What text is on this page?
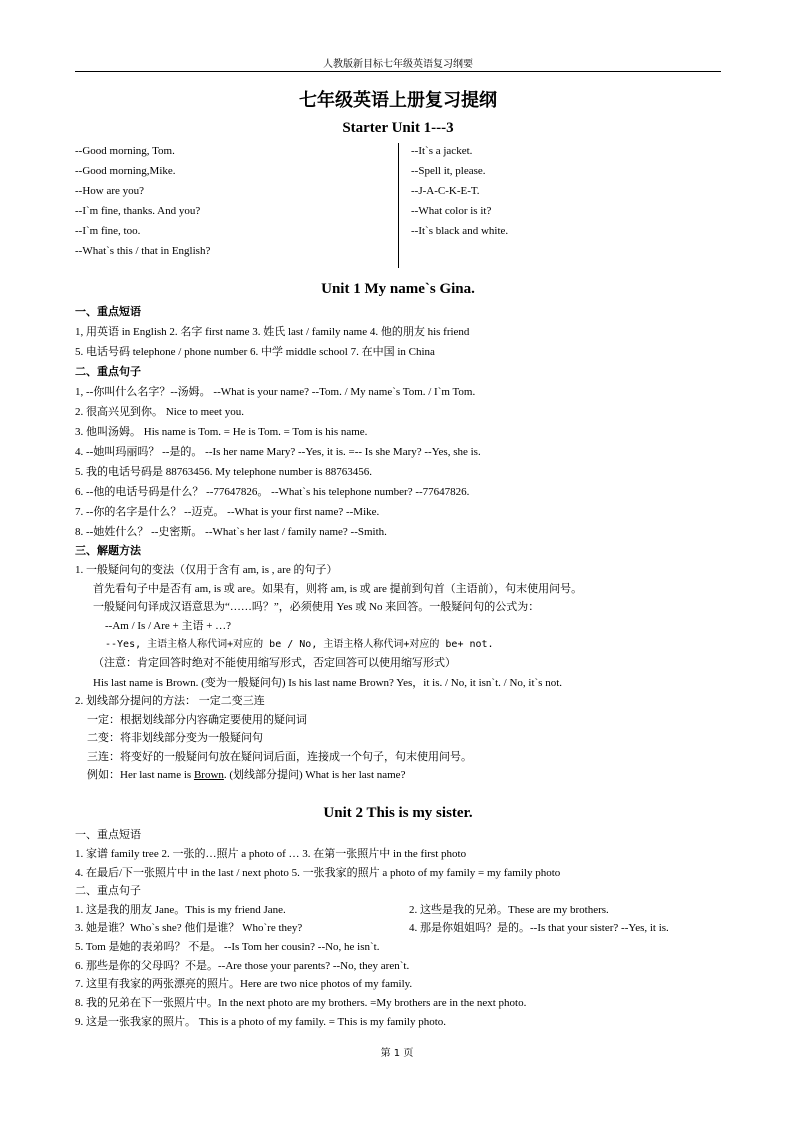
人教版新目标七年级英语复习纲要
七年级英语上册复习提纲
Starter Unit 1---3
--Good morning, Tom.
--Good morning,Mike.
--How are you?
--I`m fine, thanks. And you?
--I`m fine, too.
--What`s this / that in English?
--It`s a jacket.
--Spell it, please.
--J-A-C-K-E-T.
--What color is it?
--It`s black and white.
Unit 1 My name`s Gina.
一、重点短语
1, 用英语 in English 2. 名字 first name 3. 姓氏 last / family name 4. 他的朋友 his friend
5. 电话号码 telephone / phone number 6. 中学 middle school 7. 在中国 in China
二、重点句子
1, --你叫什么名字？--汤姆。 --What is your name? --Tom. / My name`s Tom. / I`m Tom.
2. 很高兴见到你。 Nice to meet you.
3. 他叫汤姆。 His name is Tom. = He is Tom. = Tom is his name.
4. --她叫玛丽吗？ --是的。 --Is her name Mary? --Yes, it is. =-- Is she Mary? --Yes, she is.
5. 我的电话号码是 88763456. My telephone number is 88763456.
6. --他的电话号码是什么？ --77647826。 --What`s his telephone number? --77647826.
7. --你的名字是什么？ --迈克。 --What is your first name? --Mike.
8. --她姓什么？ --史密斯。 --What`s her last / family name? --Smith.
三、解题方法
1. 一般疑问句的变法（仅用于含有 am, is , are 的句子）
首先看句子中是否有 am, is 或 are。如果有，则将 am, is 或 are 提前到句首（主语前），句末使用问号。
一般疑问句译成汉语意思为“……吗？”，必须使用 Yes 或 No 来回答。一般疑问句的公式为：
--Am / Is / Are + 主语 + …?
--Yes, 主语主格人称代词+对应的 be / No, 主语主格人称代词+对应的 be+ not.
（注意：肯定回答时绝对不能使用缩写形式，否定回答可以使用缩写形式）
His last name is Brown. (变为一般疑问句) Is his last name Brown? Yes，it is. / No, it isn`t. / No, it`s not.
2. 划线部分提问的方法： 一定二变三连
一定：根据划线部分内容确定要使用的疑问词
二变：将非划线部分变为一般疑问句
三连：将变好的一般疑问句放在疑问词后面，连接成一个句子，句末使用问号。
例如：Her last name is Brown. (划线部分提问) What is her last name?
Unit 2 This is my sister.
一、重点短语
1. 家谱 family tree 2. 一张的…照片 a photo of … 3. 在第一张照片中 in the first photo
4. 在最后/下一张照片中 in the last / next photo 5. 一张我家的照片 a photo of my family = my family photo
二、重点句子
1. 这是我的朋友 Jane。This is my friend Jane.	2. 这些是我的兄弟。These are my brothers.
3. 她是谁？Who`s she? 他们是谁？ Who`re they?	4. 那是你姐姐吗？是的。--Is that your sister? --Yes, it is.
5. Tom 是她的表弟吗？ 不是。 --Is Tom her cousin? --No, he isn`t.
6. 那些是你的父母吗？不是。--Are those your parents? --No, they aren`t.
7. 这里有我家的两张漂亮的照片。Here are two nice photos of my family.
8. 我的兄弟在下一张照片中。In the next photo are my brothers. =My brothers are in the next photo.
9. 这是一张我家的照片。 This is a photo of my family. = This is my family photo.
第 1 页
